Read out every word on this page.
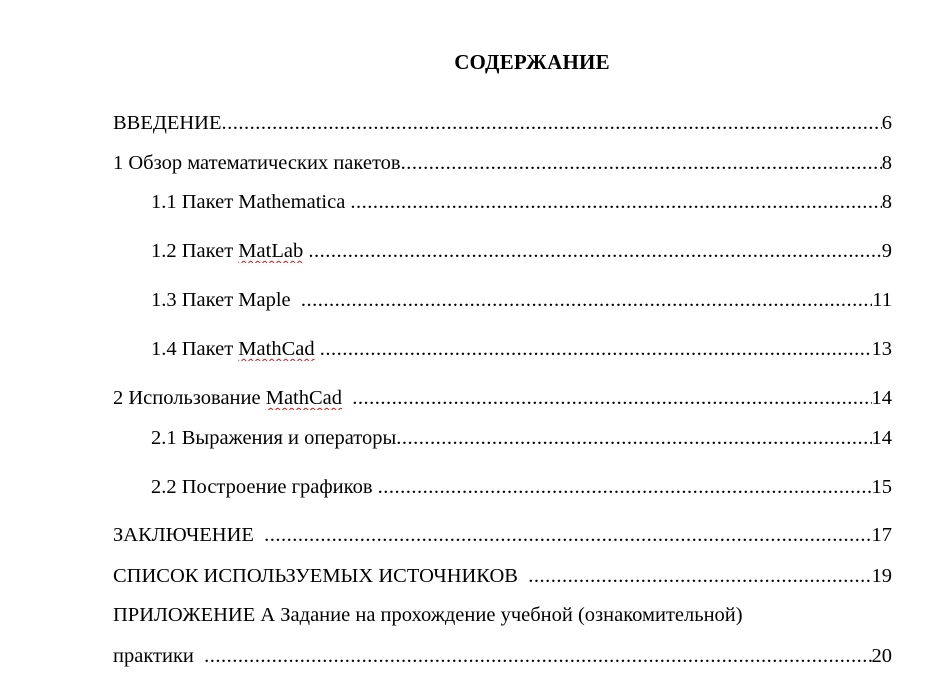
СОДЕРЖАНИЕ
ВВЕДЕНИЕ .....	6
1 Обзор математических пакетов .....	8
1.1 Пакет Mathematica .....	8
1.2 Пакет MatLab .....	9
1.3 Пакет Maple .....	11
1.4 Пакет MathCad .....	13
2 Использование MathCad .....	14
2.1 Выражения и операторы .....	14
2.2 Построение графиков .....	15
ЗАКЛЮЧЕНИЕ .....	17
СПИСОК ИСПОЛЬЗУЕМЫХ ИСТОЧНИКОВ .....	19
ПРИЛОЖЕНИЕ А Задание на прохождение учебной (ознакомительной)
практики .....	20
